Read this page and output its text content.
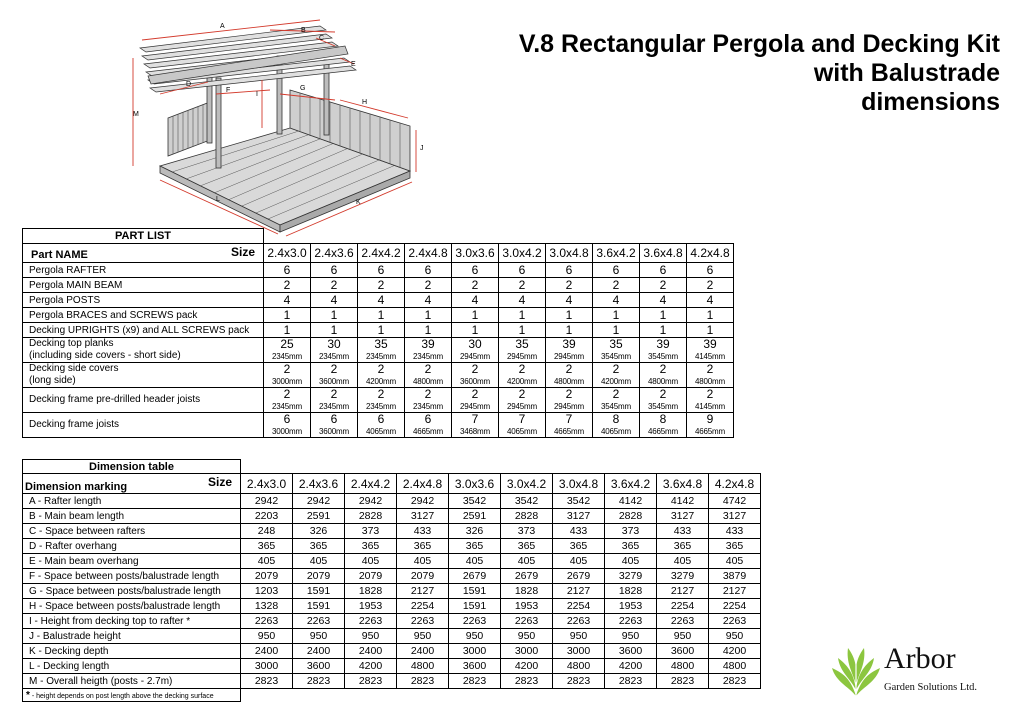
V.8 Rectangular Pergola and Decking Kit
with Balustrade
dimensions
A
B
C
E
D
F	G
H
I
J
K
L
M
PART LIST										

Part NAME Size	2.4x3.0	2.4x3.6	2.4x4.2	2.4x4.8	3.0x3.6	3.0x4.2	3.0x4.8	3.6x4.2	3.6x4.8	4.2x4.8
Pergola RAFTER	6	6	6	6	6	6	6	6	6	6
Pergola MAIN BEAM	2	2	2	2	2	2	2	2	2	2
Pergola POSTS	4	4	4	4	4	4	4	4	4	4
Pergola BRACES and SCREWS pack	1	1	1	1	1	1	1	1	1	1
Decking UPRIGHTS (x9) and ALL SCREWS pack	1	1	1	1	1	1	1	1	1	1

Decking top planks
(including side covers - short side)	25	30	35	39	30	35	39	35	39	39
	2345mm	2345mm	2345mm	2345mm	2945mm	2945mm	2945mm	3545mm	3545mm	4145mm

Decking side covers
(long side)	2	2	2	2	2	2	2	2	2	2
	3000mm	3600mm	4200mm	4800mm	3600mm	4200mm	4800mm	4200mm	4800mm	4800mm

Decking frame pre-drilled header joists	2	2	2	2	2	2	2	2	2	2
	2345mm	2345mm	2345mm	2345mm	2945mm	2945mm	2945mm	3545mm	3545mm	4145mm

Decking frame joists	6	6	6	6	7	7	7	8	8	9
	3000mm	3600mm	4065mm	4665mm	3468mm	4065mm	4665mm	4065mm	4665mm	4665mm
Dimension table										

Dimension marking Size	2.4x3.0	2.4x3.6	2.4x4.2	2.4x4.8	3.0x3.6	3.0x4.2	3.0x4.8	3.6x4.2	3.6x4.8	4.2x4.8
A - Rafter length	2942	2942	2942	2942	3542	3542	3542	4142	4142	4742
B - Main beam length	2203	2591	2828	3127	2591	2828	3127	2828	3127	3127
C - Space between rafters	248	326	373	433	326	373	433	373	433	433
D - Rafter overhang	365	365	365	365	365	365	365	365	365	365
E - Main beam overhang	405	405	405	405	405	405	405	405	405	405
F - Space between posts/balustrade length	2079	2079	2079	2079	2679	2679	2679	3279	3279	3879
G - Space between posts/balustrade length	1203	1591	1828	2127	1591	1828	2127	1828	2127	2127
H - Space between posts/balustrade length	1328	1591	1953	2254	1591	1953	2254	1953	2254	2254
I - Height from decking top to rafter *	2263	2263	2263	2263	2263	2263	2263	2263	2263	2263
J - Balustrade height	950	950	950	950	950	950	950	950	950	950
K - Decking depth	2400	2400	2400	2400	3000	3000	3000	3600	3600	4200
L - Decking length	3000	3600	4200	4800	3600	4200	4800	4200	4800	4800
M - Overall heigth (posts - 2.7m)	2823	2823	2823	2823	2823	2823	2823	2823	2823	2823
* - height depends on post length above the decking surface										
Arbor
Garden Solutions Ltd.
